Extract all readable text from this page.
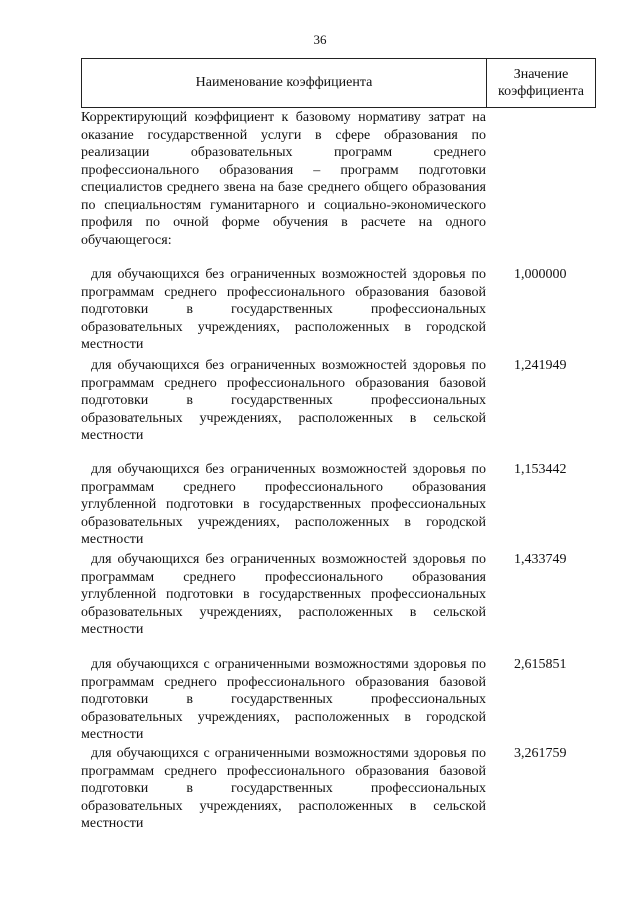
36
Наименование коэффициента
Значение
коэффициента
Корректирующий коэффициент к базовому нормативу затрат на оказание государственной услуги в сфере образования по реализации образовательных программ среднего профессионального образования – программ подготовки специалистов среднего звена на базе среднего общего образования по специальностям гуманитарного и социально-экономического профиля по очной форме обучения в расчете на одного обучающегося:
для обучающихся без ограниченных возможностей здоровья по программам среднего профессионального образования базовой подготовки в государственных профессиональных образовательных учреждениях, расположенных в городской местности
1,000000
для обучающихся без ограниченных возможностей здоровья по программам среднего профессионального образования базовой подготовки в государственных профессиональных образовательных учреждениях, расположенных в сельской местности
1,241949
для обучающихся без ограниченных возможностей здоровья по программам среднего профессионального образования углубленной подготовки в государственных профессиональных образовательных учреждениях, расположенных в городской местности
1,153442
для обучающихся без ограниченных возможностей здоровья по программам среднего профессионального образования углубленной подготовки в государственных профессиональных образовательных учреждениях, расположенных в сельской местности
1,433749
для обучающихся с ограниченными возможностями здоровья по программам среднего профессионального образования базовой подготовки в государственных профессиональных образовательных учреждениях, расположенных в городской местности
2,615851
для обучающихся с ограниченными возможностями здоровья по программам среднего профессионального образования базовой подготовки в государственных профессиональных образовательных учреждениях, расположенных в сельской местности
3,261759
